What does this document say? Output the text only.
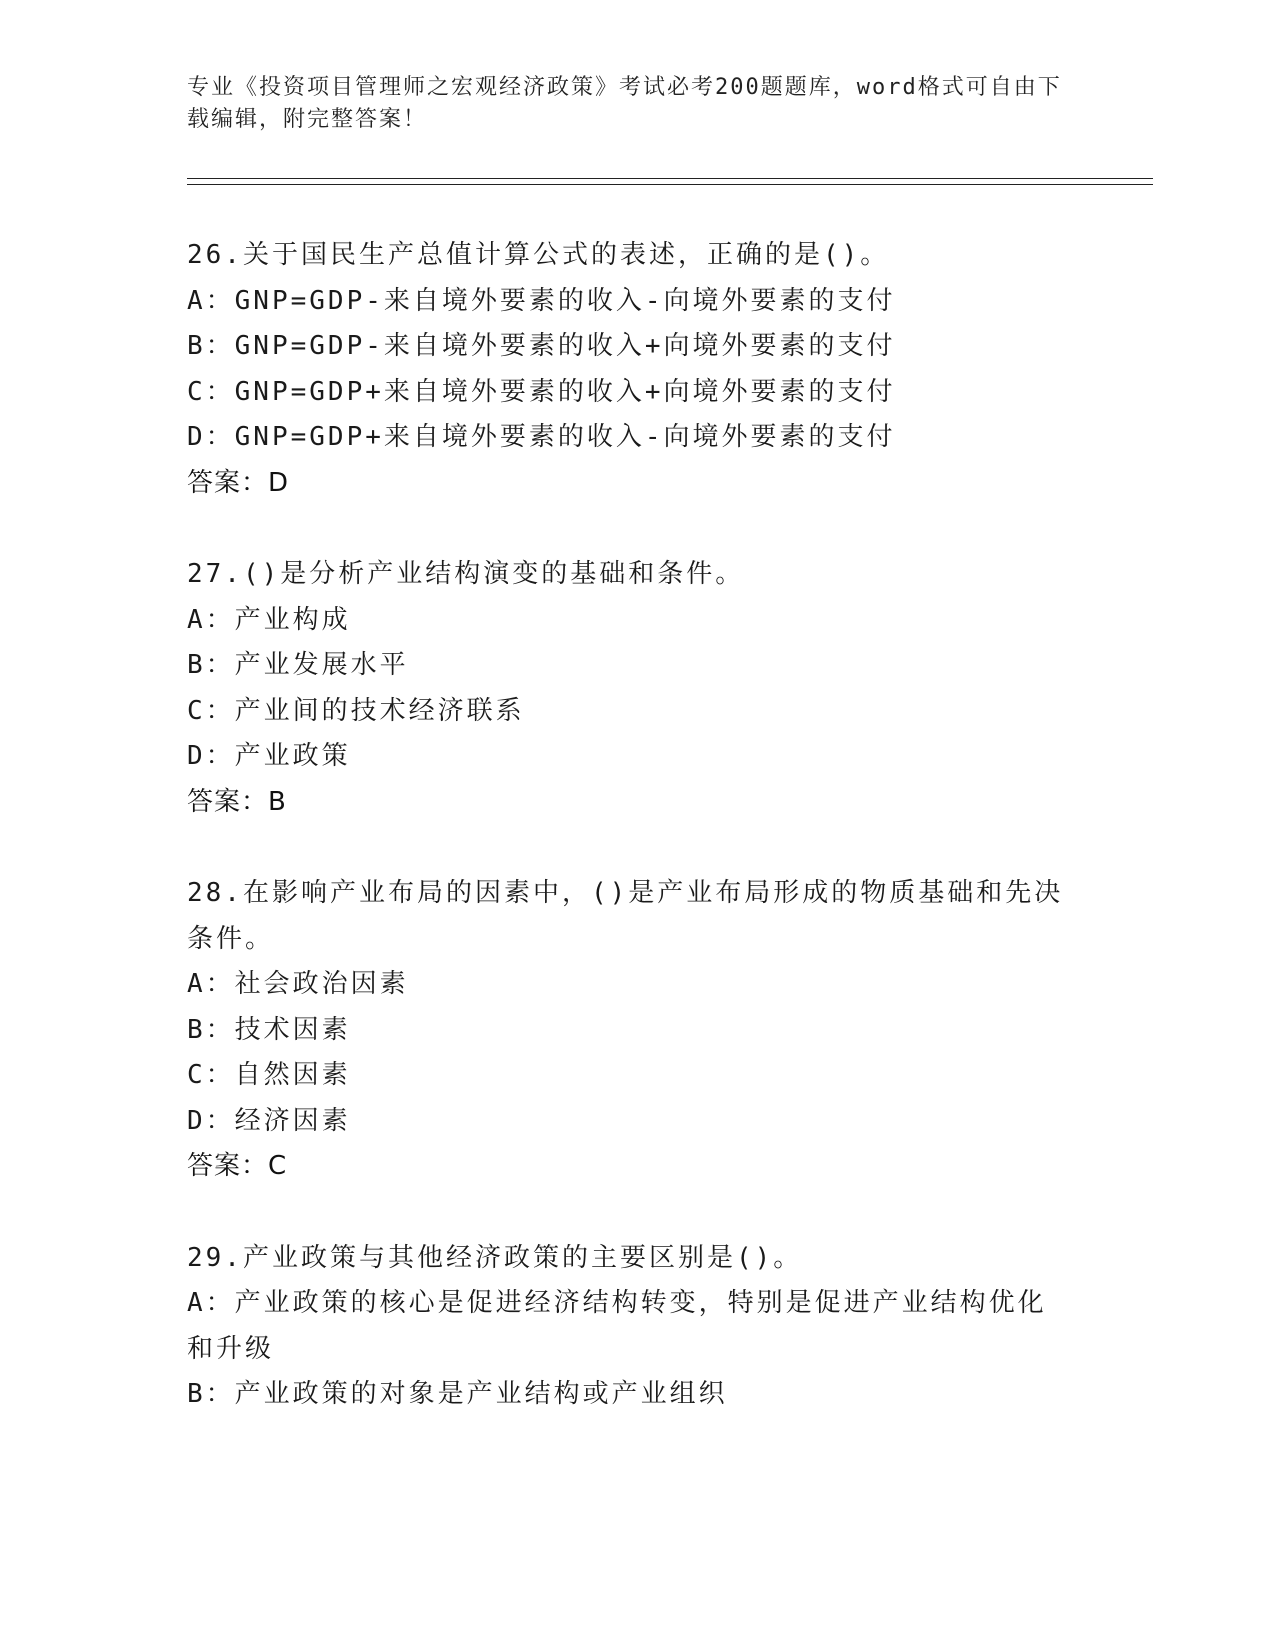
专业《投资项目管理师之宏观经济政策》考试必考200题题库，word格式可自由下载编辑，附完整答案！
26.关于国民生产总值计算公式的表述，正确的是()。
A：GNP=GDP-来自境外要素的收入-向境外要素的支付
B：GNP=GDP-来自境外要素的收入+向境外要素的支付
C：GNP=GDP+来自境外要素的收入+向境外要素的支付
D：GNP=GDP+来自境外要素的收入-向境外要素的支付
答案：D
27.()是分析产业结构演变的基础和条件。
A：产业构成
B：产业发展水平
C：产业间的技术经济联系
D：产业政策
答案：B
28.在影响产业布局的因素中，()是产业布局形成的物质基础和先决条件。
A：社会政治因素
B：技术因素
C：自然因素
D：经济因素
答案：C
29.产业政策与其他经济政策的主要区别是()。
A：产业政策的核心是促进经济结构转变，特别是促进产业结构优化和升级
B：产业政策的对象是产业结构或产业组织
